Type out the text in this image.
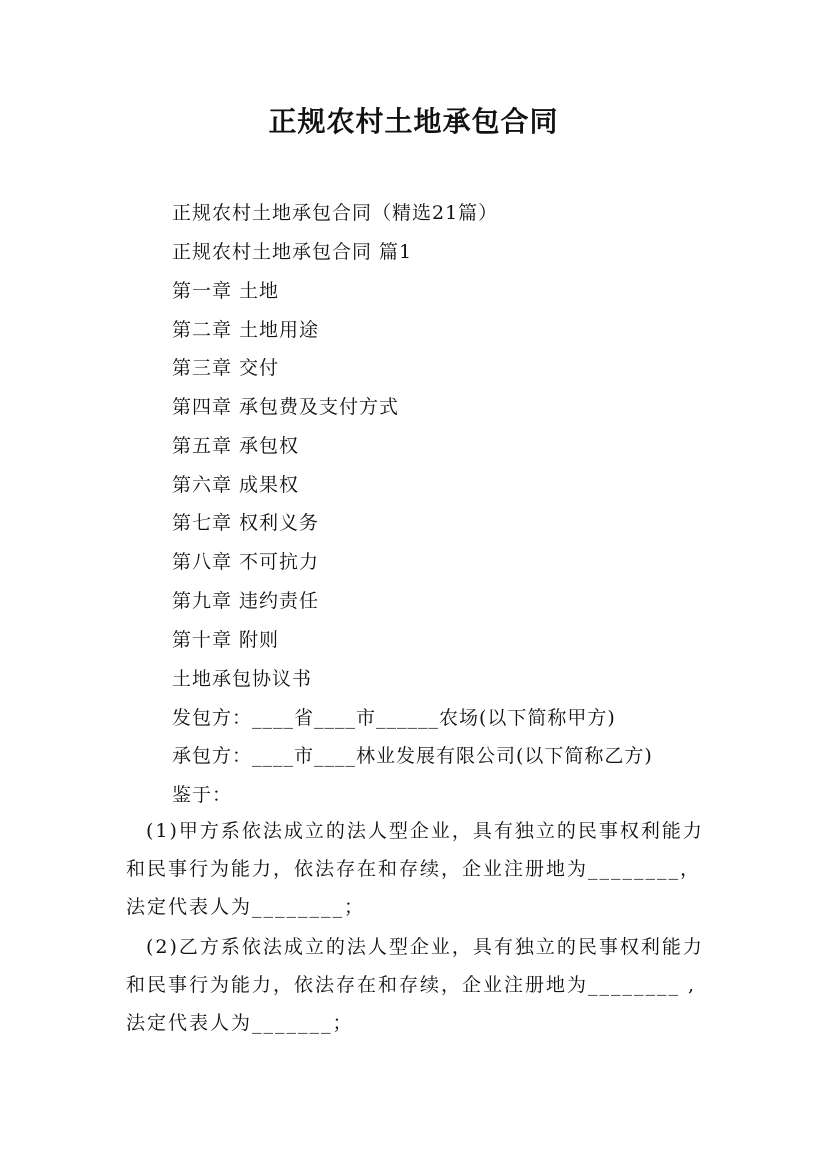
正规农村土地承包合同
正规农村土地承包合同（精选21篇）
正规农村土地承包合同 篇1
第一章 土地
第二章 土地用途
第三章 交付
第四章 承包费及支付方式
第五章 承包权
第六章 成果权
第七章 权利义务
第八章 不可抗力
第九章 违约责任
第十章 附则
土地承包协议书
发包方：____省____市______农场(以下简称甲方)
承包方：____市____林业发展有限公司(以下简称乙方)
鉴于：
(1)甲方系依法成立的法人型企业，具有独立的民事权利能力和民事行为能力，依法存在和存续，企业注册地为________，法定代表人为________；
(2)乙方系依法成立的法人型企业，具有独立的民事权利能力和民事行为能力，依法存在和存续，企业注册地为________ ,法定代表人为_______；
